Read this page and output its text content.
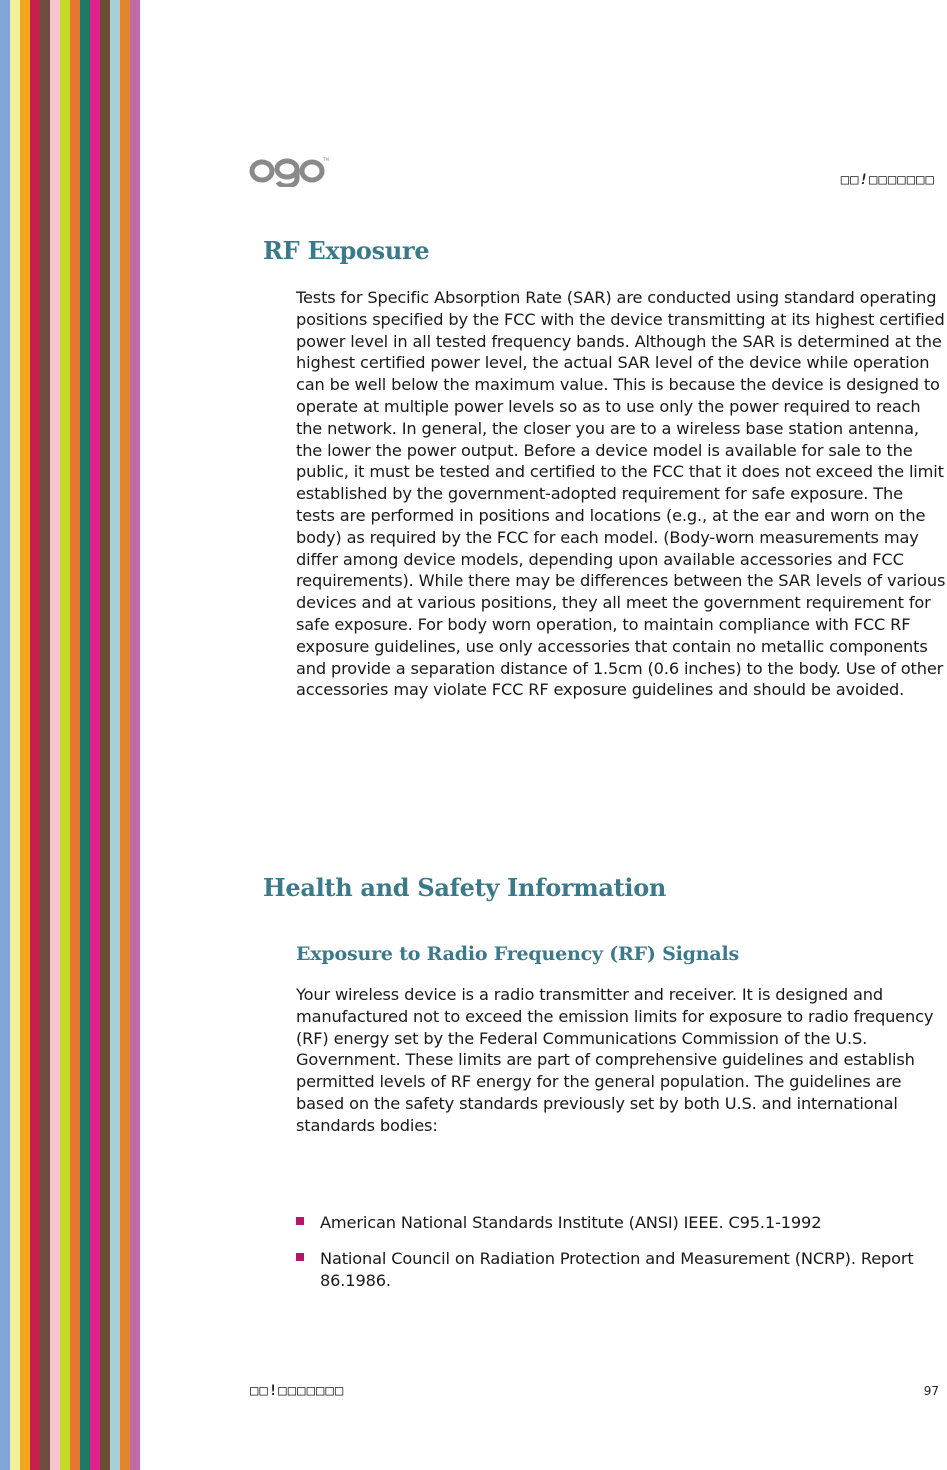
TM
□□!□□□□□□□
RF Exposure

Tests for Specific Absorption Rate (SAR) are conducted using standard operating positions specified by the FCC with the device transmitting at its highest certified power level in all tested frequency bands. Although the SAR is determined at the highest certified power level, the actual SAR level of the device while operation can be well below the maximum value. This is because the device is designed to operate at multiple power levels so as to use only the power required to reach the network. In general, the closer you are to a wireless base station antenna, the lower the power output. Before a device model is available for sale to the public, it must be tested and certified to the FCC that it does not exceed the limit established by the government-adopted requirement for safe exposure. The tests are performed in positions and locations (e.g., at the ear and worn on the body) as required by the FCC for each model. (Body-worn measurements may differ among device models, depending upon available accessories and FCC requirements). While there may be differences between the SAR levels of various devices and at various positions, they all meet the government requirement for safe exposure. For body worn operation, to maintain compliance with FCC RF exposure guidelines, use only accessories that contain no metallic components and provide a separation distance of 1.5cm (0.6 inches) to the body. Use of other accessories may violate FCC RF exposure guidelines and should be avoided.

Health and Safety Information
Exposure to Radio Frequency (RF) Signals

Your wireless device is a radio transmitter and receiver. It is designed and manufactured not to exceed the emission limits for exposure to radio frequency (RF) energy set by the Federal Communications Commission of the U.S. Government. These limits are part of comprehensive guidelines and establish permitted levels of RF energy for the general population. The guidelines are based on the safety standards previously set by both U.S. and international standards bodies:

American National Standards Institute (ANSI) IEEE. C95.1-1992
National Council on Radiation Protection and Measurement (NCRP). Report 86.1986.
□□!□□□□□□□	97
